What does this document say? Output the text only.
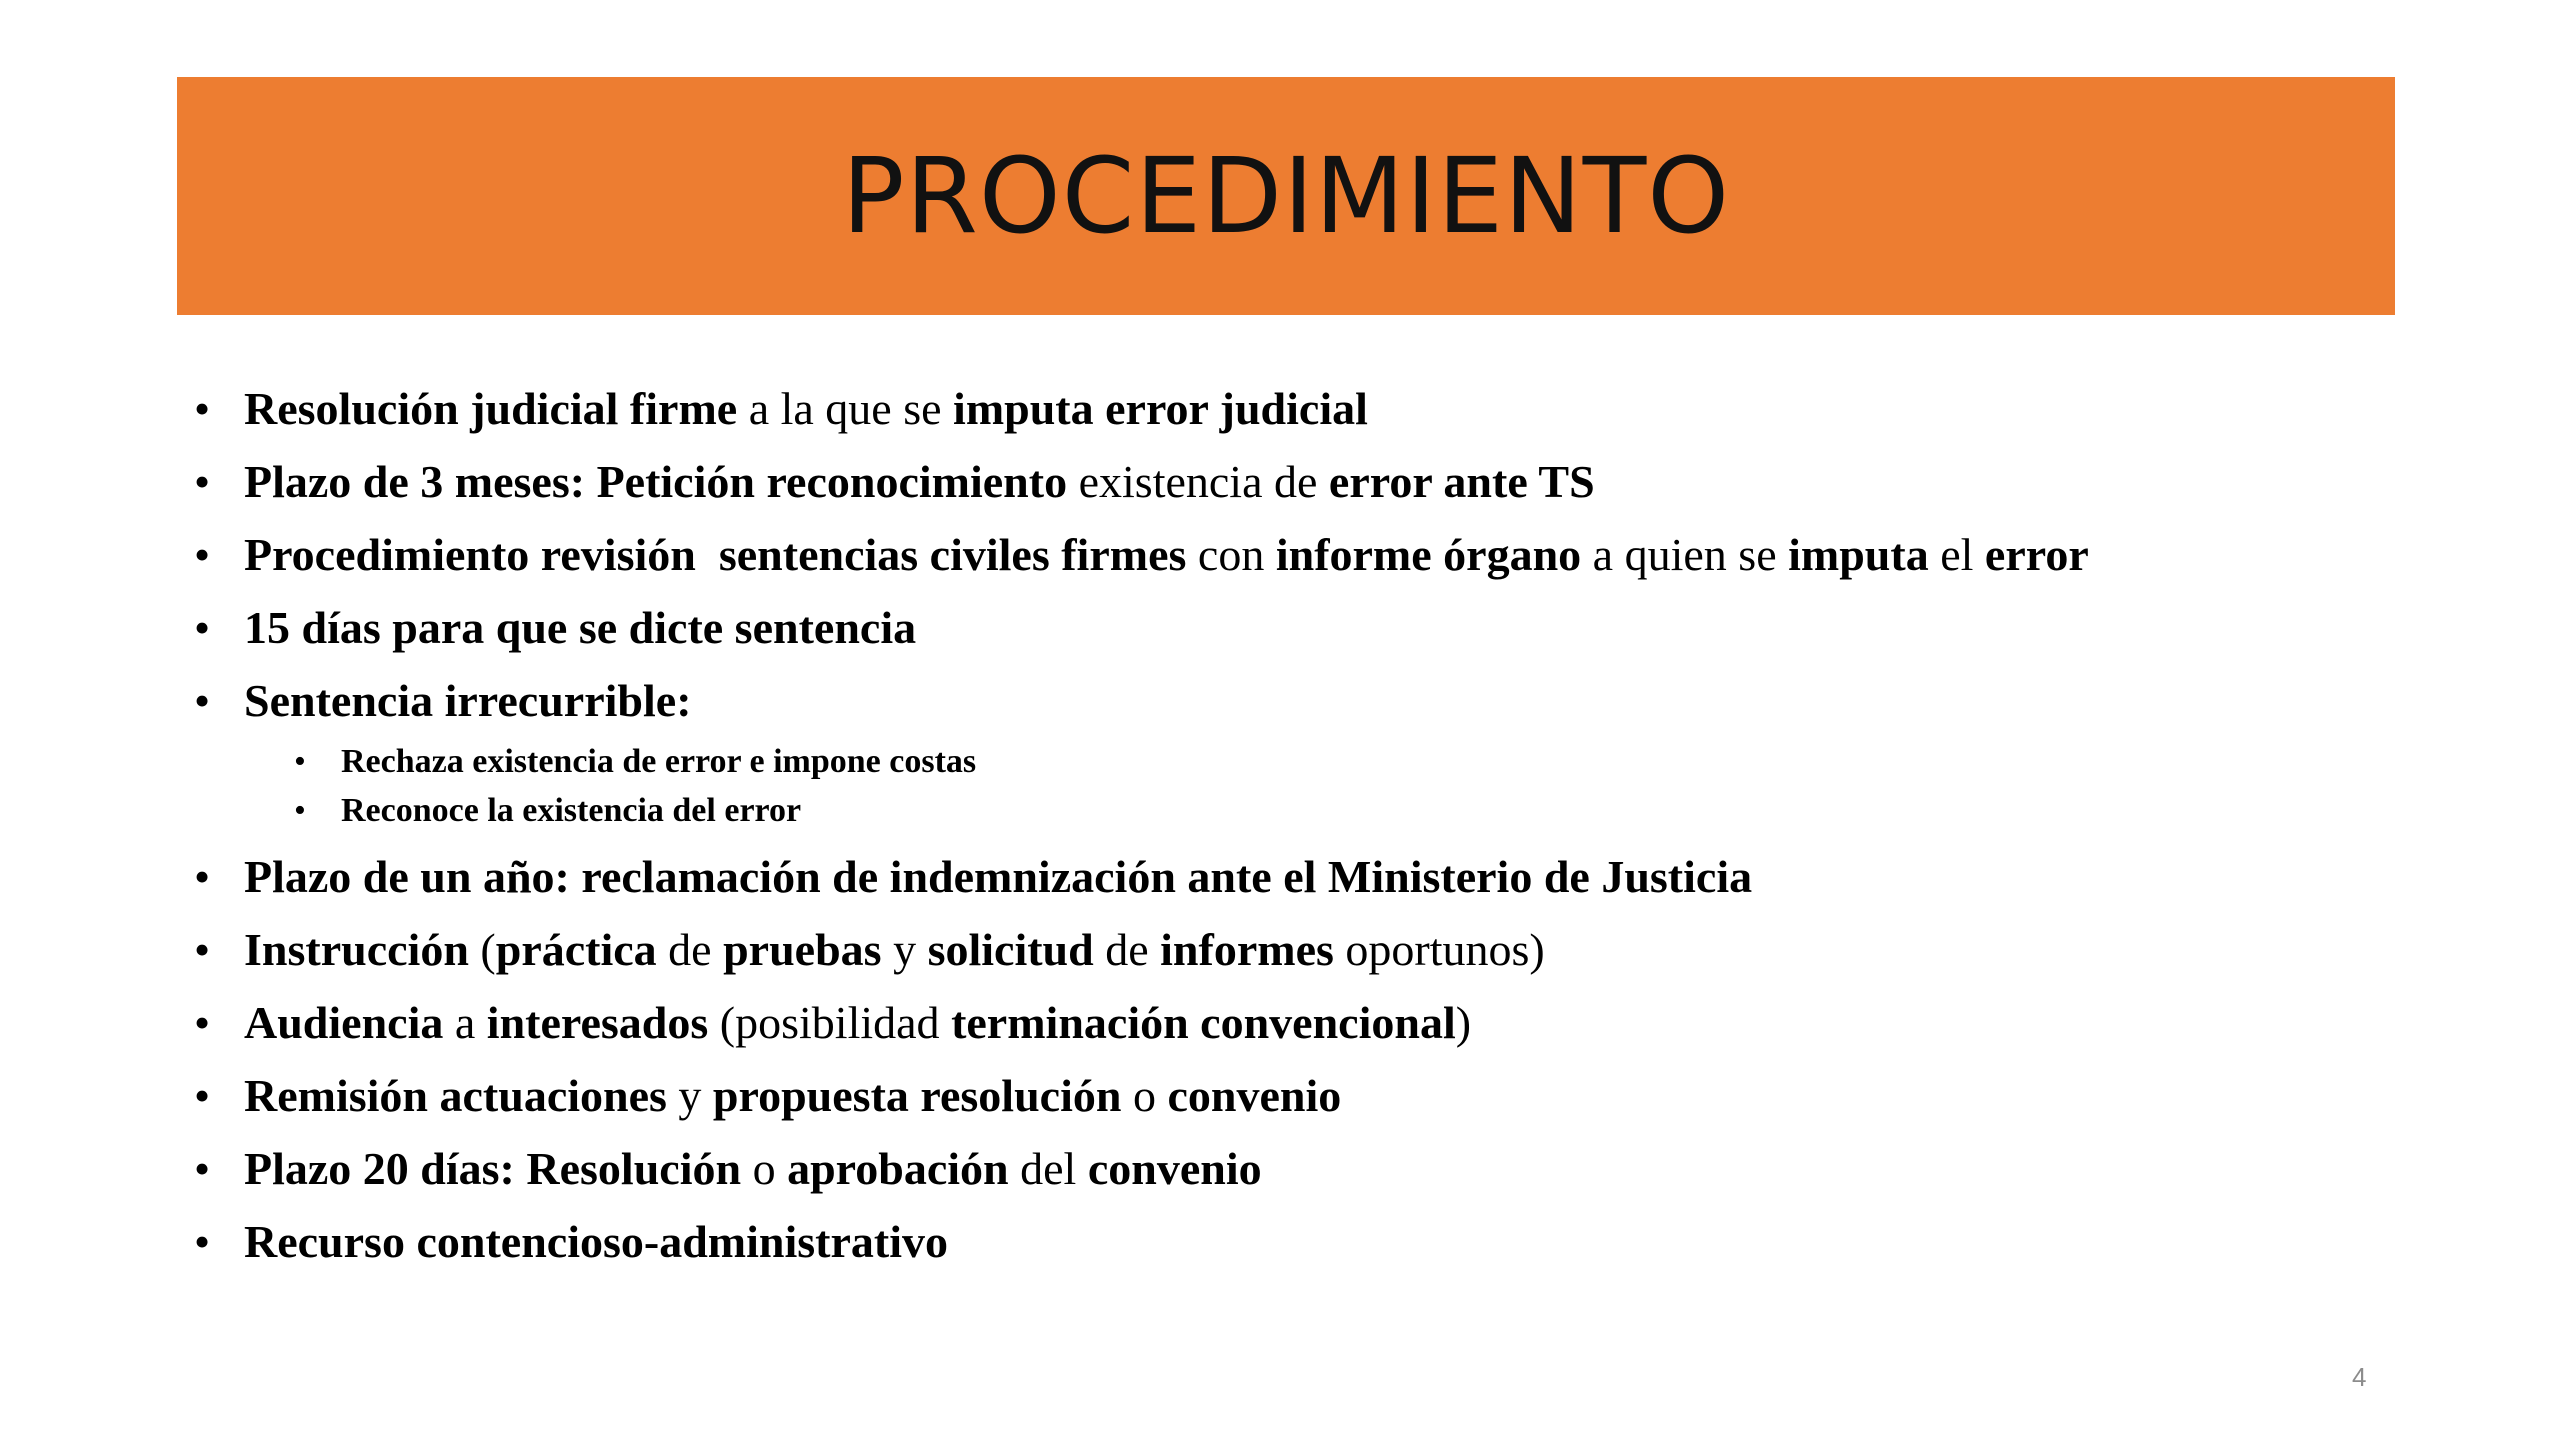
PROCEDIMIENTO
• Resolución judicial firme a la que se imputa error judicial
• Plazo de 3 meses: Petición reconocimiento existencia de error ante TS
• Procedimiento revisión  sentencias civiles firmes con informe órgano a quien se imputa el error
• 15 días para que se dicte sentencia
• Sentencia irrecurrible:
• Rechaza existencia de error e impone costas
• Reconoce la existencia del error
• Plazo de un año: reclamación de indemnización ante el Ministerio de Justicia
• Instrucción (práctica de pruebas y solicitud de informes oportunos)
• Audiencia a interesados (posibilidad terminación convencional)
• Remisión actuaciones y propuesta resolución o convenio
• Plazo 20 días: Resolución o aprobación del convenio
• Recurso contencioso-administrativo
4
